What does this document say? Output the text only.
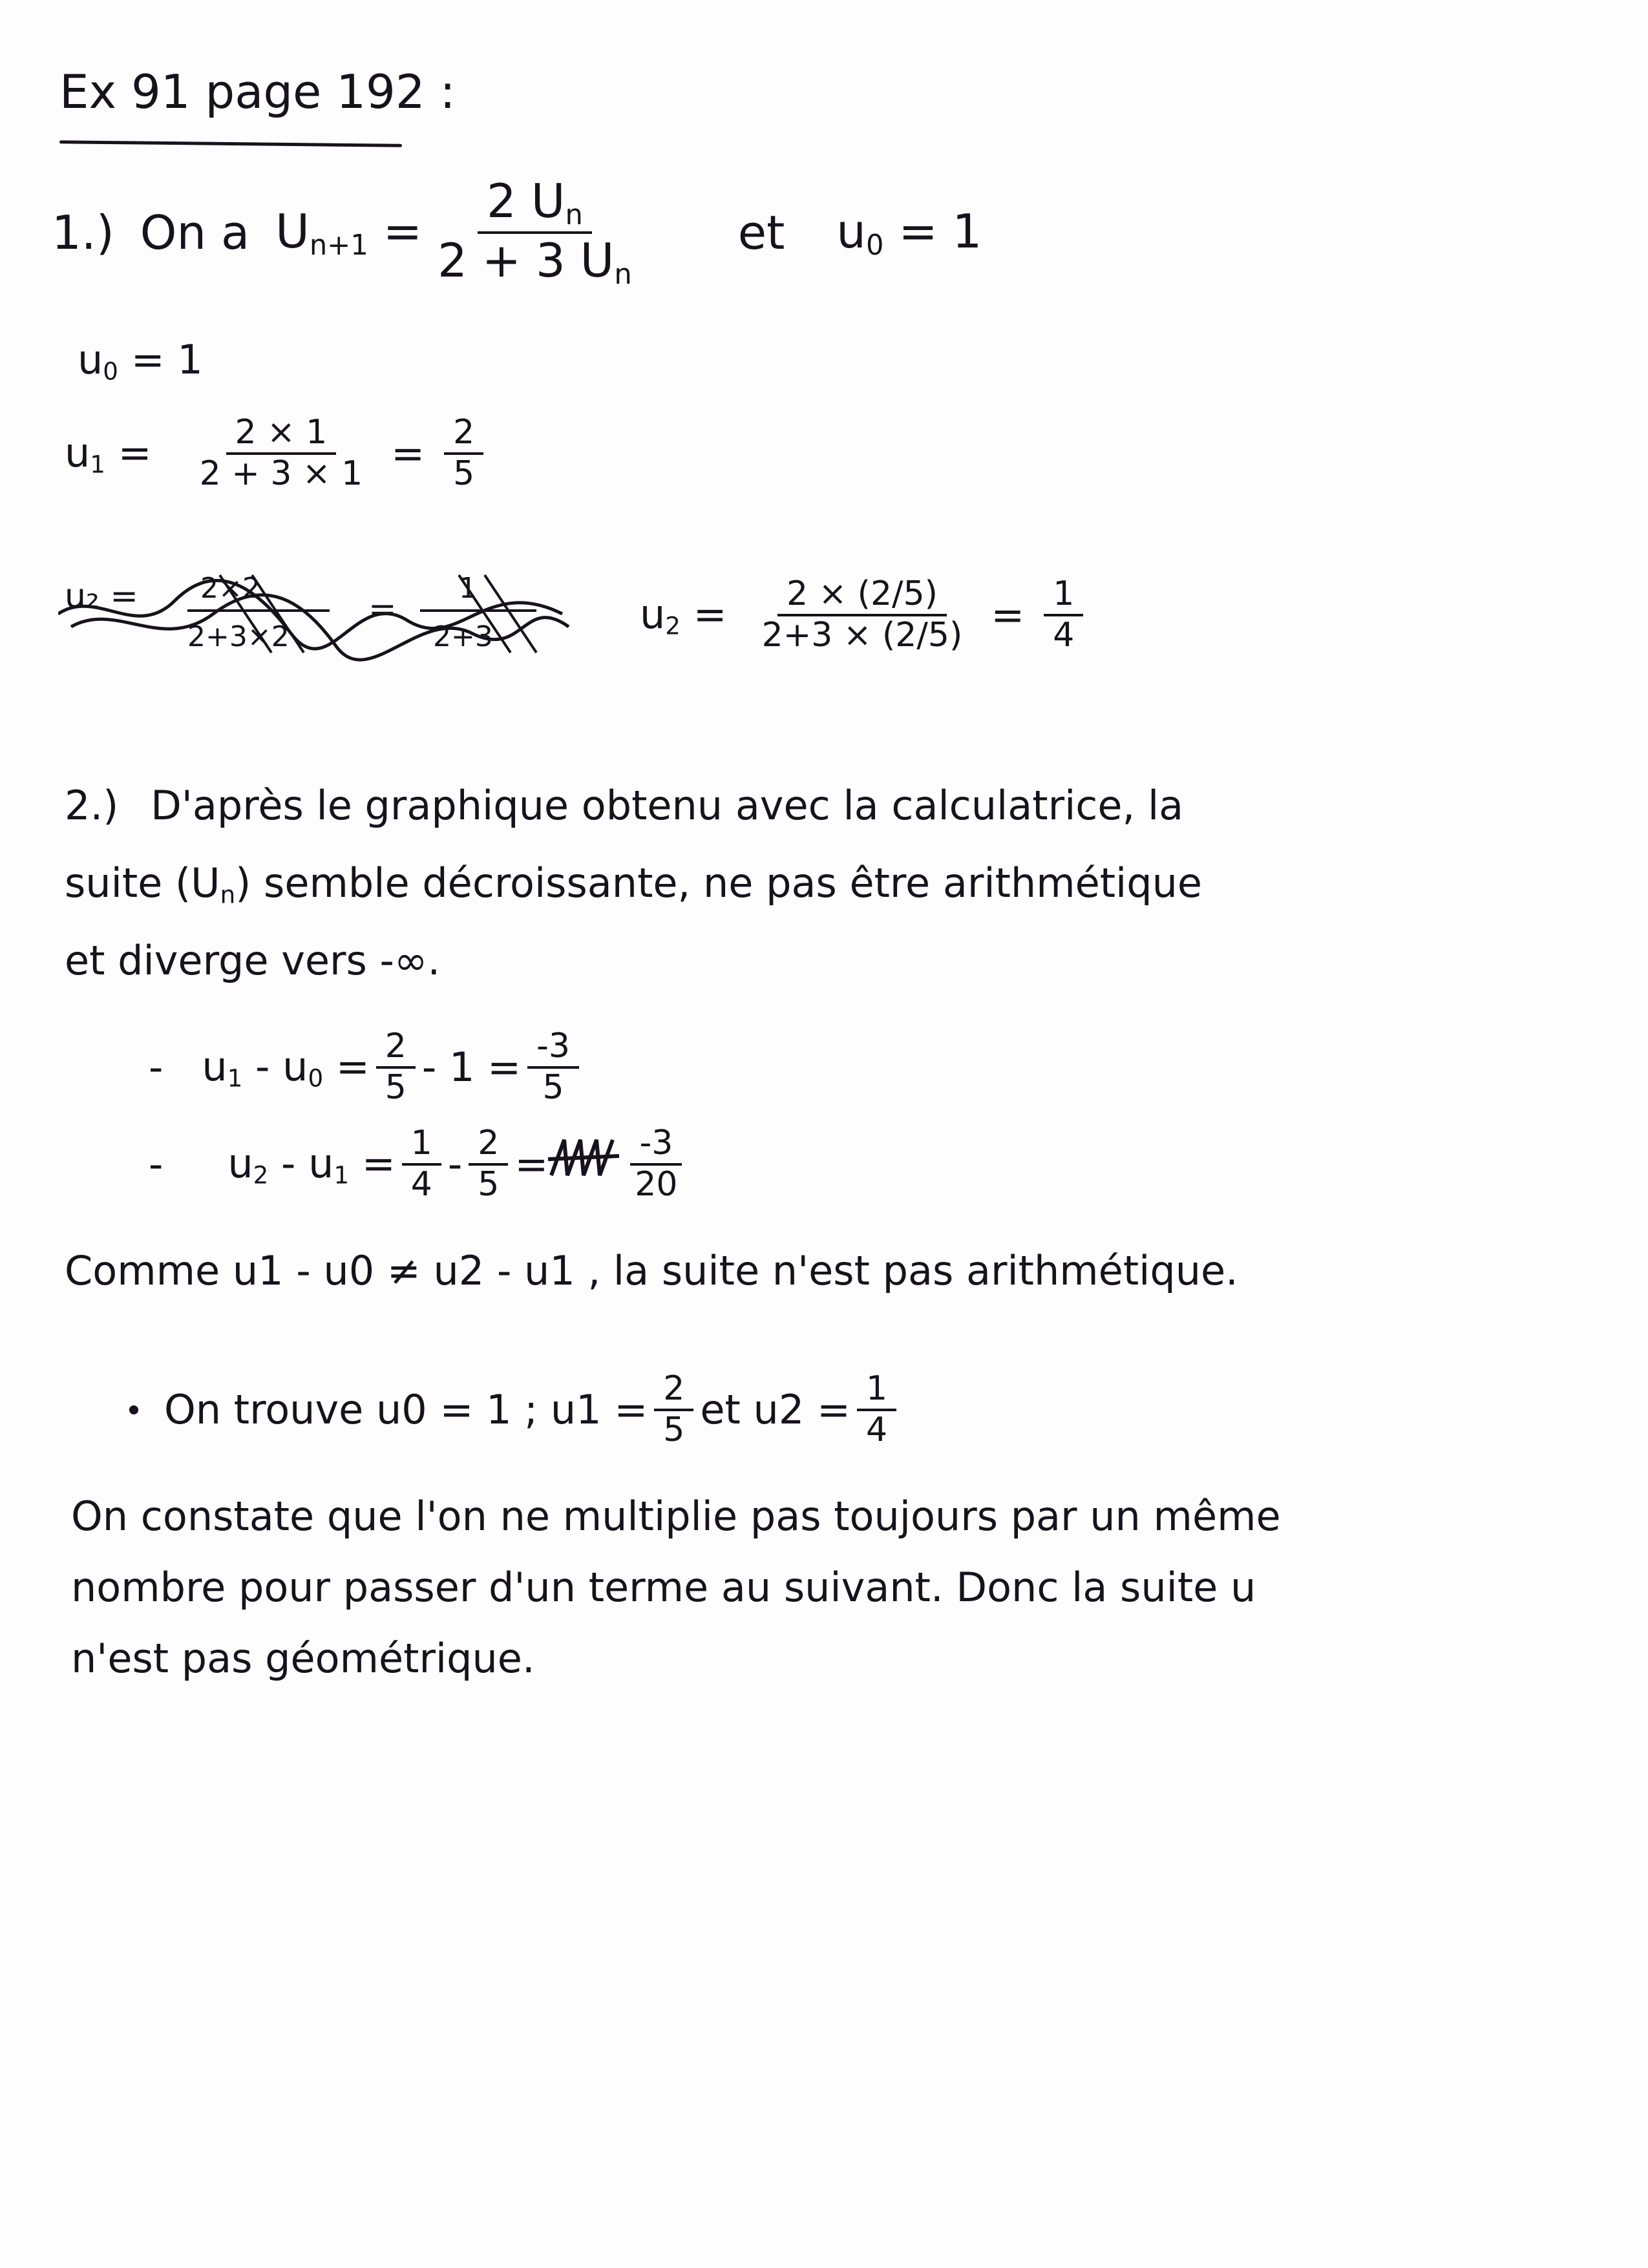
Ex 91 page 192 :
1.) On a $U_{n+1} = \frac{2 U_n}{2 + 3 U_n}$ et $u_0 = 1$
$u_0 = 1$
$u_1 = \frac{2 \times 1}{2 + 3 \times 1} = \frac{2}{5}$
u₂ = 2×2
2+3×2
=
1
2+3	$u_2 = \frac{2 \times (2/5)}{2+3 \times (2/5)} = \frac{1}{4}$
2.) D'après le graphique obtenu avec la calculatrice, la
suite $(U_n)$ semble décroissante, ne pas être arithmétique
et diverge vers -∞.
- $u_1 - u_0 = \frac{2}{5} - 1 = \frac{-3}{5}$
- $u_2 - u_1 = \frac{1}{4} - \frac{2}{5} = \frac{-3}{20}$
Comme u1 - u0 ≠ u2 - u1 , la suite n'est pas arithmétique.
On trouve u0 = 1 ; $u1 = \frac{2}{5}$ et $u2 = \frac{1}{4}$
On constate que l'on ne multiplie pas toujours par un même
nombre pour passer d'un terme au suivant. Donc la suite u
n'est pas géométrique.
